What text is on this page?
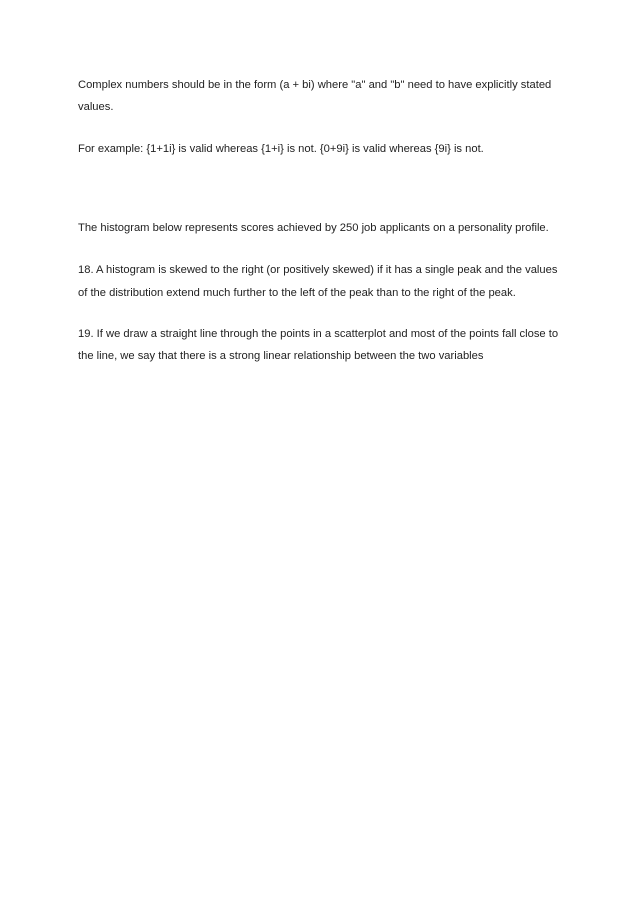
Complex numbers should be in the form (a + bi) where "a" and "b" need to have explicitly stated

values.

For example: {1+1i} is valid whereas {1+i} is not. {0+9i} is valid whereas {9i} is not.

The histogram below represents scores achieved by 250 job applicants on a personality profile.

18. A histogram is skewed to the right (or positively skewed) if it has a single peak and the values

of the distribution extend much further to the left of the peak than to the right of the peak.

19. If we draw a straight line through the points in a scatterplot and most of the points fall close to

the line, we say that there is a strong linear relationship between the two variables
